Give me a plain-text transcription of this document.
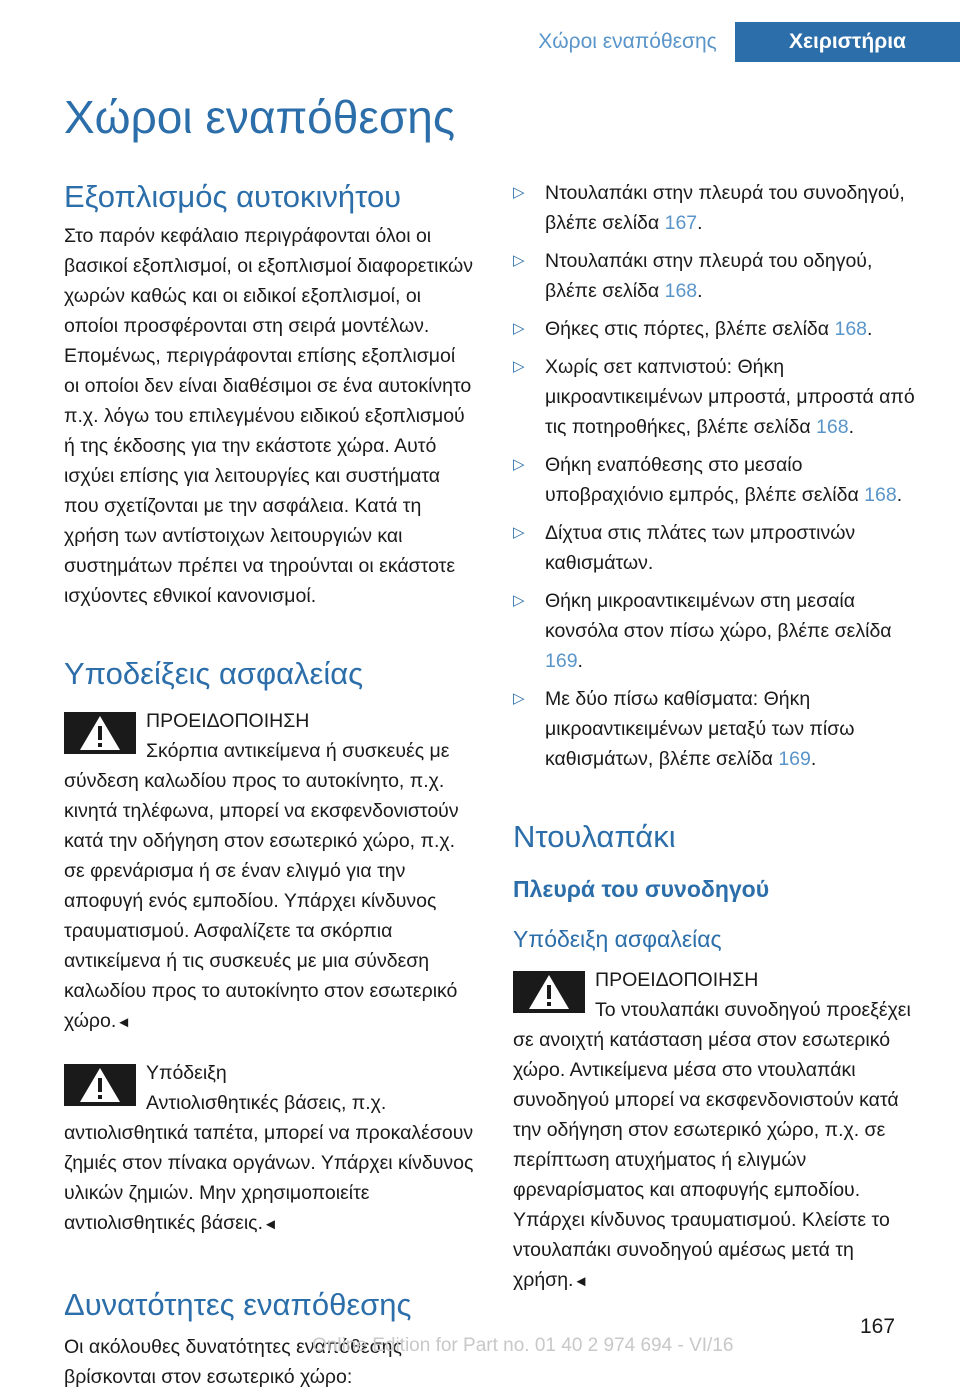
Χώροι εναπόθεσης	Χειριστήρια
Χώροι εναπόθεσης
Εξοπλισμός αυτοκινήτου

Στο παρόν κεφάλαιο περιγράφονται όλοι οι βασικοί εξοπλισμοί, οι εξοπλισμοί διαφορετικών χωρών καθώς και οι ειδικοί εξοπλισμοί, οι οποίοι προσφέρονται στη σειρά μοντέλων. Επομένως, περιγράφονται επίσης εξοπλισμοί οι οποίοι δεν είναι διαθέσιμοι σε ένα αυτοκίνητο π.χ. λόγω του επιλεγμένου ειδικού εξοπλισμού ή της έκδοσης για την εκάστοτε χώρα. Αυτό ισχύει επίσης για λειτουργίες και συστήματα που σχετίζονται με την ασφάλεια. Κατά τη χρήση των αντίστοιχων λειτουργιών και συστημάτων πρέπει να τηρούνται οι εκάστοτε ισχύοντες εθνικοί κανονισμοί.

Υποδείξεις ασφαλείας
ΠΡΟΕΙΔΟΠΟΙΗΣΗ

Σκόρπια αντικείμενα ή συσκευές με σύνδεση καλωδίου προς το αυτοκίνητο, π.χ. κινητά τηλέφωνα, μπορεί να εκσφενδονιστούν κατά την οδήγηση στον εσωτερικό χώρο, π.χ. σε φρενάρισμα ή σε έναν ελιγμό για την αποφυγή ενός εμποδίου. Υπάρχει κίνδυνος τραυματισμού. Ασφαλίζετε τα σκόρπια αντικείμενα ή τις συσκευές με μια σύνδεση καλωδίου προς το αυτοκίνητο στον εσωτερικό χώρο.◄

Υπόδειξη

Αντιολισθητικές βάσεις, π.χ. αντιολισθητικά ταπέτα, μπορεί να προκαλέσουν ζημιές στον πίνακα οργάνων. Υπάρχει κίνδυνος υλικών ζημιών. Μην χρησιμοποιείτε αντιολισθητικές βάσεις.◄

Δυνατότητες εναπόθεσης

Οι ακόλουθες δυνατότητες εναπόθεσης βρίσκονται στον εσωτερικό χώρο:

▷ Ντουλαπάκι στην πλευρά του συνοδηγού, βλέπε σελίδα 167.
▷ Ντουλαπάκι στην πλευρά του οδηγού, βλέπε σελίδα 168.
▷ Θήκες στις πόρτες, βλέπε σελίδα 168.
▷ Χωρίς σετ καπνιστού: Θήκη μικροαντικειμένων μπροστά, μπροστά από τις ποτηροθήκες, βλέπε σελίδα 168.
▷ Θήκη εναπόθεσης στο μεσαίο υποβραχιόνιο εμπρός, βλέπε σελίδα 168.
▷ Δίχτυα στις πλάτες των μπροστινών καθισμάτων.
▷ Θήκη μικροαντικειμένων στη μεσαία κονσόλα στον πίσω χώρο, βλέπε σελίδα 169.
▷ Με δύο πίσω καθίσματα: Θήκη μικροαντικειμένων μεταξύ των πίσω καθισμάτων, βλέπε σελίδα 169.
Ντουλαπάκι
Πλευρά του συνοδηγού
Υπόδειξη ασφαλείας
ΠΡΟΕΙΔΟΠΟΙΗΣΗ

Το ντουλαπάκι συνοδηγού προεξέχει σε ανοιχτή κατάσταση μέσα στον εσωτερικό χώρο. Αντικείμενα μέσα στο ντουλαπάκι συνοδηγού μπορεί να εκσφενδονιστούν κατά την οδήγηση στον εσωτερικό χώρο, π.χ. σε περίπτωση ατυχήματος ή ελιγμών φρεναρίσματος και αποφυγής εμποδίου. Υπάρχει κίνδυνος τραυματισμού. Κλείστε το ντουλαπάκι συνοδηγού αμέσως μετά τη χρήση.◄

167
Online Edition for Part no. 01 40 2 974 694 - VI/16
